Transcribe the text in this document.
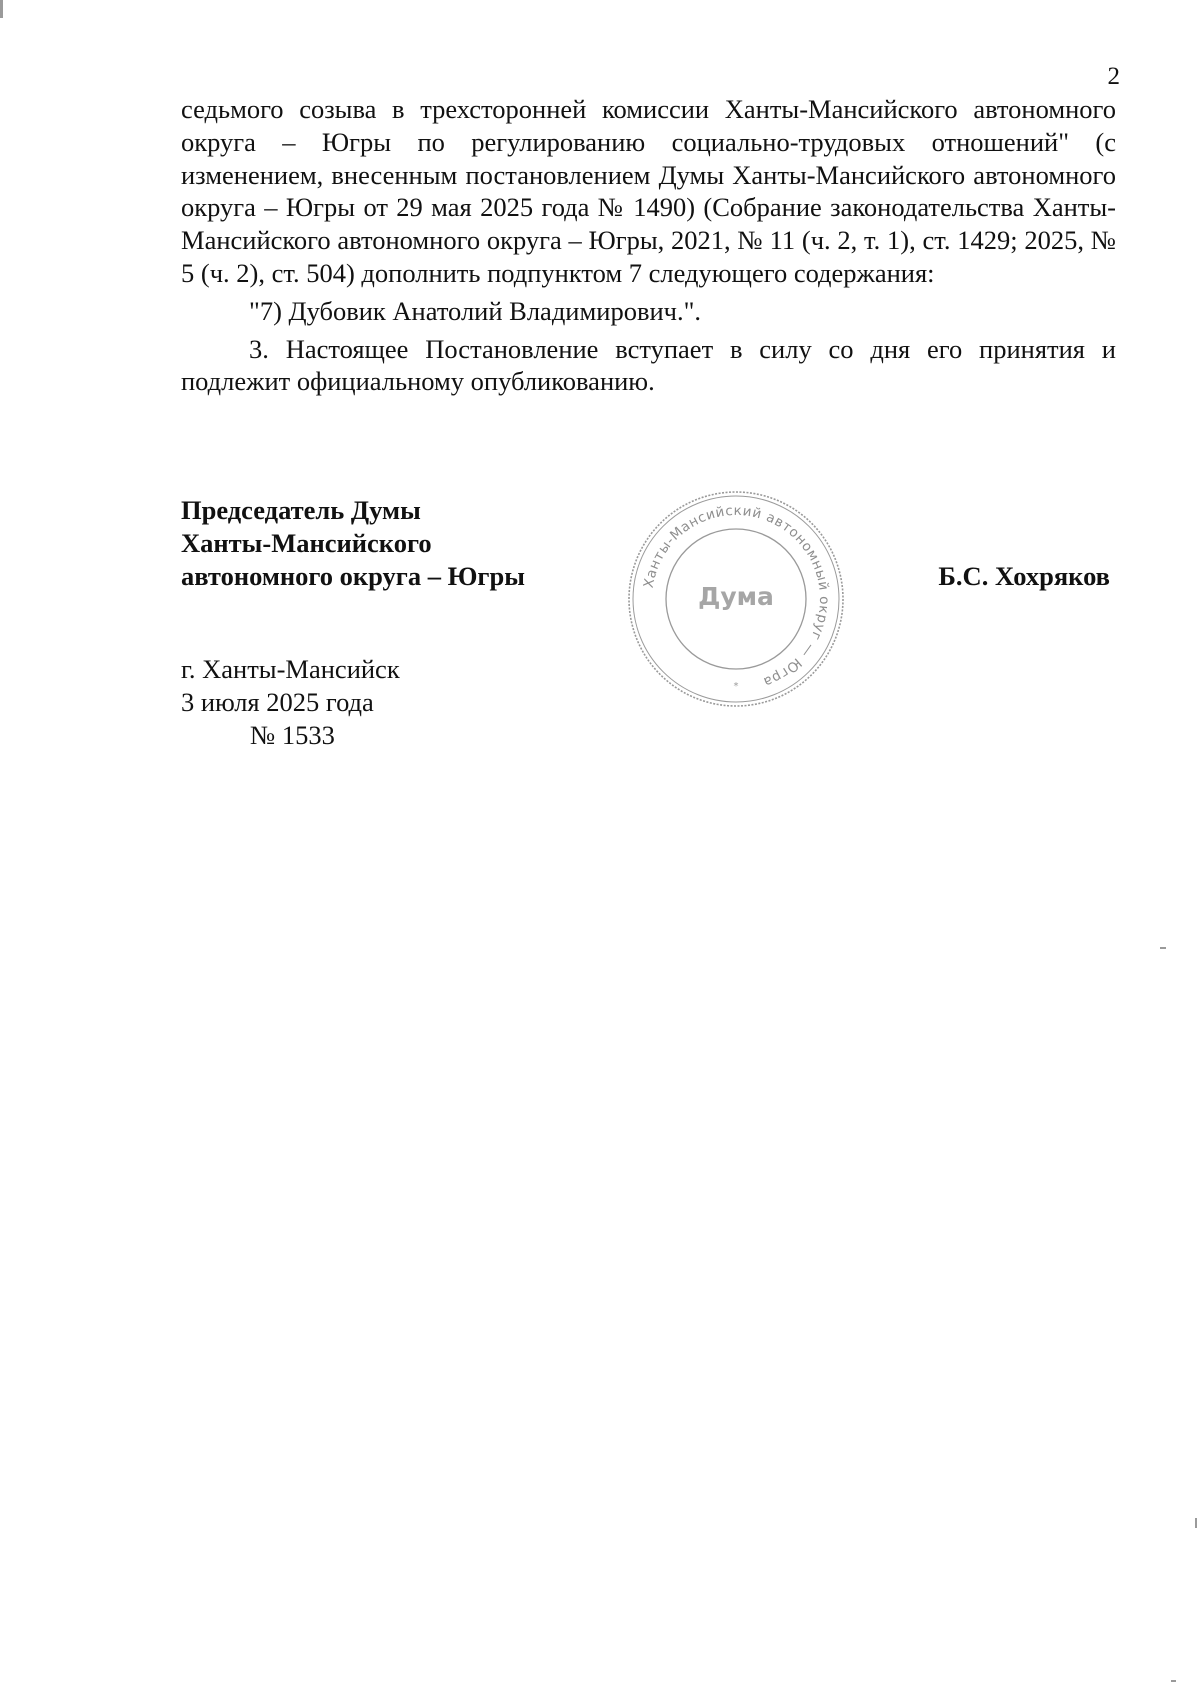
2

седьмого созыва в трехсторонней комиссии Ханты-Мансийского автономного округа – Югры по регулированию социально-трудовых отношений" (с изменением, внесенным постановлением Думы Ханты-Мансийского автономного округа – Югры от 29 мая 2025 года № 1490) (Собрание законодательства Ханты-Мансийского автономного округа – Югры, 2021, № 11 (ч. 2, т. 1), ст. 1429; 2025, № 5 (ч. 2), ст. 504) дополнить подпунктом 7 следующего содержания:

"7) Дубовик Анатолий Владимирович.".

3. Настоящее Постановление вступает в силу со дня его принятия и подлежит официальному опубликованию.

Председатель Думы
Ханты-Мансийского
автономного округа – Югры	Ханты-Мансийский автономный округ — Югра
Дума
*
Б.С. Хохряков
г. Ханты-Мансийск
3 июля 2025 года
№ 1533
